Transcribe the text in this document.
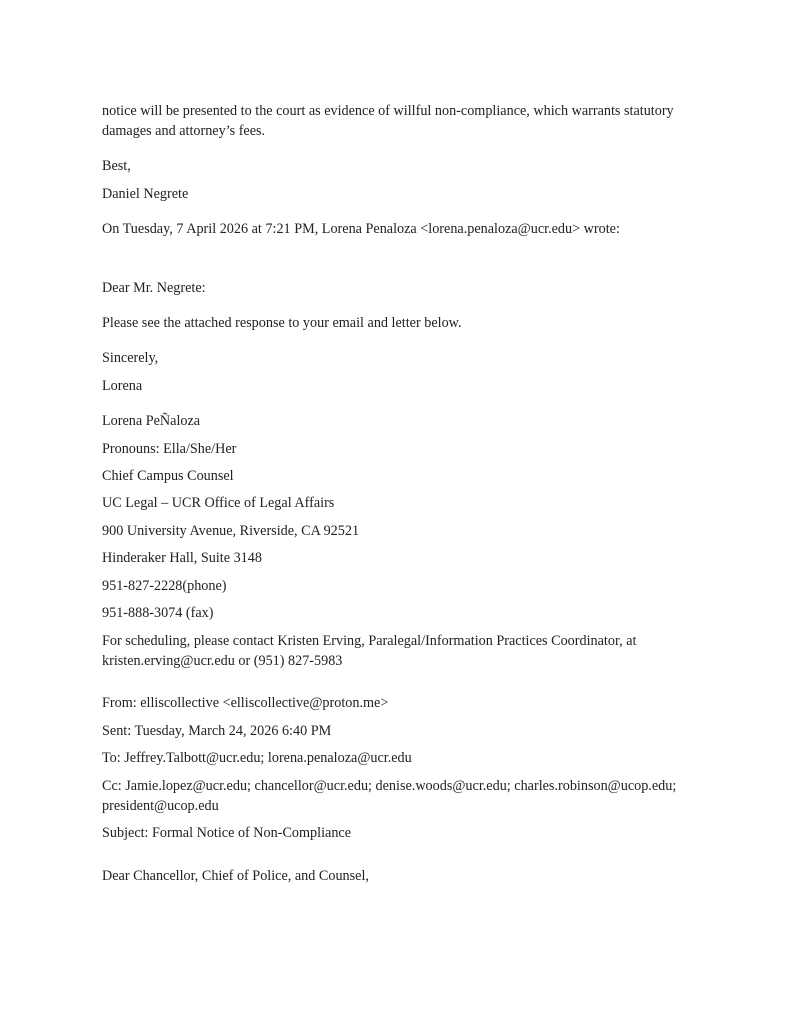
notice will be presented to the court as evidence of willful non-compliance, which warrants statutory damages and attorney’s fees.
Best,
Daniel Negrete
On Tuesday, 7 April 2026 at 7:21 PM, Lorena Penaloza <lorena.penaloza@ucr.edu> wrote:
Dear Mr. Negrete:
Please see the attached response to your email and letter below.
Sincerely,
Lorena
Lorena PeÑaloza
Pronouns: Ella/She/Her
Chief Campus Counsel
UC Legal – UCR Office of Legal Affairs
900 University Avenue, Riverside, CA 92521
Hinderaker Hall, Suite 3148
951-827-2228(phone)
951-888-3074 (fax)
For scheduling, please contact Kristen Erving, Paralegal/Information Practices Coordinator, at kristen.erving@ucr.edu or (951) 827-5983
From: elliscollective <elliscollective@proton.me>
Sent: Tuesday, March 24, 2026 6:40 PM
To: Jeffrey.Talbott@ucr.edu; lorena.penaloza@ucr.edu
Cc: Jamie.lopez@ucr.edu; chancellor@ucr.edu; denise.woods@ucr.edu; charles.robinson@ucop.edu; president@ucop.edu
Subject: Formal Notice of Non-Compliance
Dear Chancellor, Chief of Police, and Counsel,
